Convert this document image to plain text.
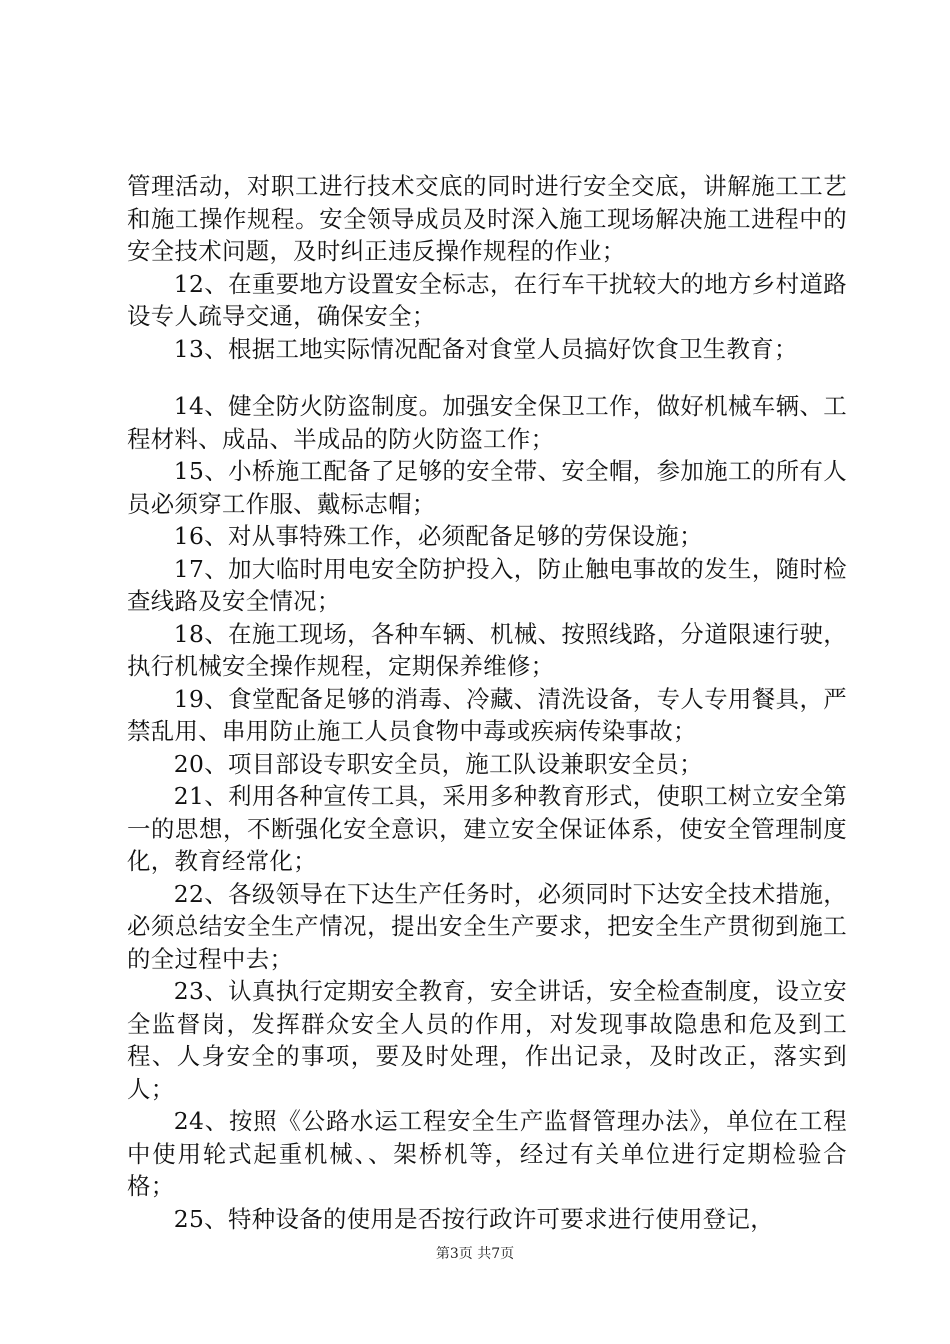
管理活动，对职工进行技术交底的同时进行安全交底，讲解施工工艺和施工操作规程。安全领导成员及时深入施工现场解决施工进程中的安全技术问题，及时纠正违反操作规程的作业；

12、在重要地方设置安全标志，在行车干扰较大的地方乡村道路设专人疏导交通，确保安全；

13、根据工地实际情况配备对食堂人员搞好饮食卫生教育；

14、健全防火防盗制度。加强安全保卫工作，做好机械车辆、工程材料、成品、半成品的防火防盗工作；

15、小桥施工配备了足够的安全带、安全帽，参加施工的所有人员必须穿工作服、戴标志帽；

16、对从事特殊工作，必须配备足够的劳保设施；

17、加大临时用电安全防护投入，防止触电事故的发生，随时检查线路及安全情况；

18、在施工现场，各种车辆、机械、按照线路，分道限速行驶，执行机械安全操作规程，定期保养维修；

19、食堂配备足够的消毒、冷藏、清洗设备，专人专用餐具，严禁乱用、串用防止施工人员食物中毒或疾病传染事故；

20、项目部设专职安全员，施工队设兼职安全员；

21、利用各种宣传工具，采用多种教育形式，使职工树立安全第一的思想，不断强化安全意识，建立安全保证体系，使安全管理制度化，教育经常化；

22、各级领导在下达生产任务时，必须同时下达安全技术措施，必须总结安全生产情况，提出安全生产要求，把安全生产贯彻到施工的全过程中去；

23、认真执行定期安全教育，安全讲话，安全检查制度，设立安全监督岗，发挥群众安全人员的作用，对发现事故隐患和危及到工程、人身安全的事项，要及时处理，作出记录，及时改正，落实到人；

24、按照《公路水运工程安全生产监督管理办法》，单位在工程中使用轮式起重机械、、架桥机等，经过有关单位进行定期检验合格；

25、特种设备的使用是否按行政许可要求进行使用登记，

第3页 共7页
